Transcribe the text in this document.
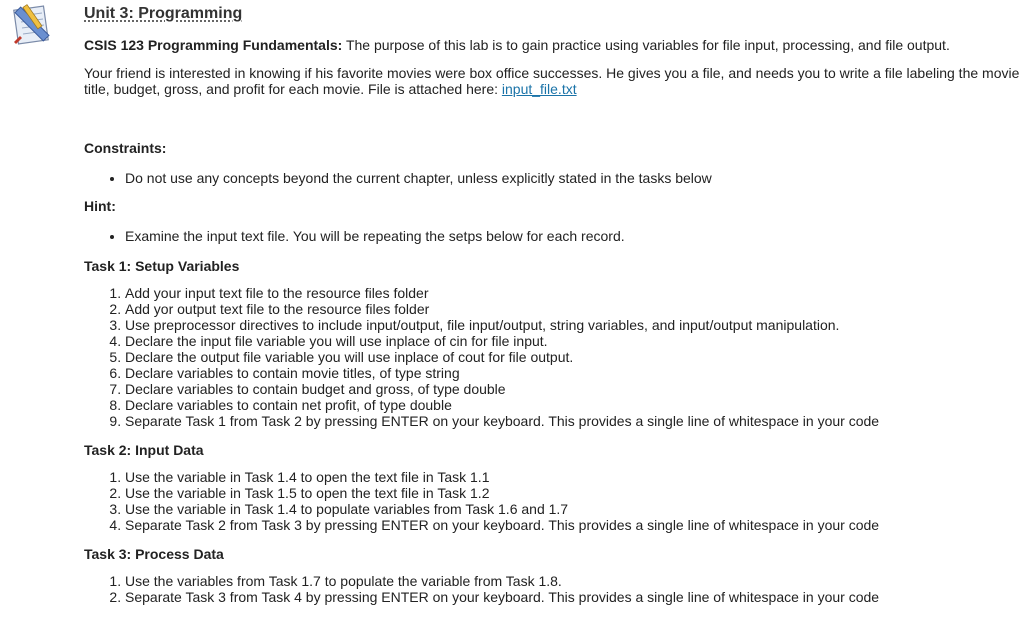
Unit 3: Programming

CSIS 123 Programming Fundamentals: The purpose of this lab is to gain practice using variables for file input, processing, and file output.

Your friend is interested in knowing if his favorite movies were box office successes. He gives you a file, and needs you to write a file labeling the movie title, budget, gross, and profit for each movie. File is attached here: input_file.txt

Constraints:
• Do not use any concepts beyond the current chapter, unless explicitly stated in the tasks below
Hint:
• Examine the input text file. You will be repeating the setps below for each record.
Task 1: Setup Variables
1. Add your input text file to the resource files folder
2. Add yor output text file to the resource files folder
3. Use preprocessor directives to include input/output, file input/output, string variables, and input/output manipulation.
4. Declare the input file variable you will use inplace of cin for file input.
5. Declare the output file variable you will use inplace of cout for file output.
6. Declare variables to contain movie titles, of type string
7. Declare variables to contain budget and gross, of type double
8. Declare variables to contain net profit, of type double
9. Separate Task 1 from Task 2 by pressing ENTER on your keyboard. This provides a single line of whitespace in your code
Task 2: Input Data
1. Use the variable in Task 1.4 to open the text file in Task 1.1
2. Use the variable in Task 1.5 to open the text file in Task 1.2
3. Use the variable in Task 1.4 to populate variables from Task 1.6 and 1.7
4. Separate Task 2 from Task 3 by pressing ENTER on your keyboard. This provides a single line of whitespace in your code
Task 3: Process Data
1. Use the variables from Task 1.7 to populate the variable from Task 1.8.
2. Separate Task 3 from Task 4 by pressing ENTER on your keyboard. This provides a single line of whitespace in your code
